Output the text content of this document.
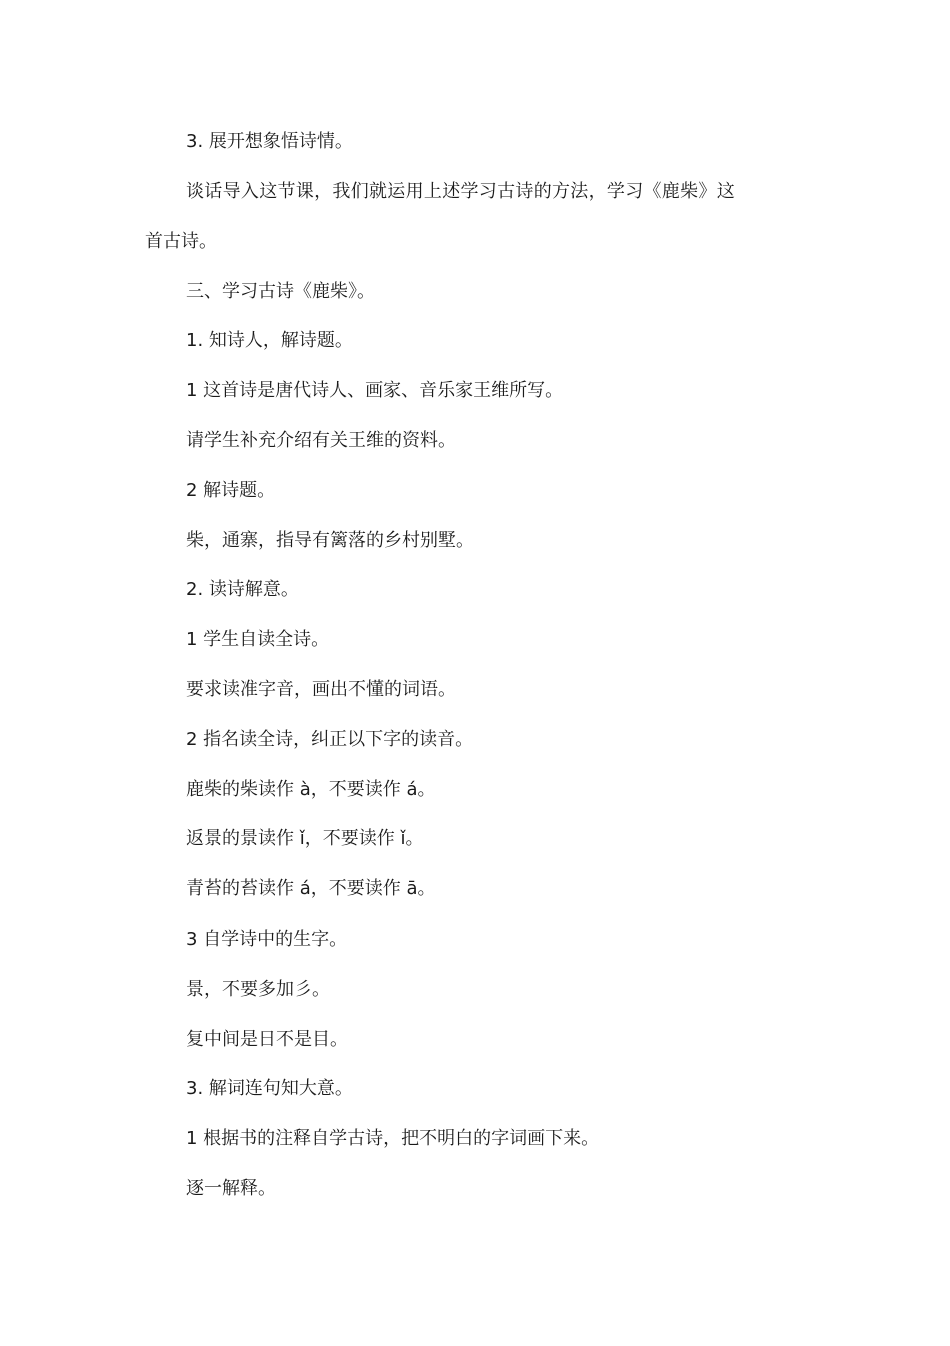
3. 展开想象悟诗情。
谈话导入这节课，我们就运用上述学习古诗的方法，学习《鹿柴》这
首古诗。
三、学习古诗《鹿柴》。
1. 知诗人，解诗题。
1 这首诗是唐代诗人、画家、音乐家王维所写。
请学生补充介绍有关王维的资料。
2 解诗题。
柴，通寨，指导有篱落的乡村别墅。
2. 读诗解意。
1 学生自读全诗。
要求读准字音，画出不懂的词语。
2 指名读全诗，纠正以下字的读音。
鹿柴的柴读作 à，不要读作 á。
返景的景读作 ǐ，不要读作 ǐ。
青苔的苔读作 á，不要读作 ā。
3 自学诗中的生字。
景，不要多加彡。
复中间是日不是目。
3. 解词连句知大意。
1 根据书的注释自学古诗，把不明白的字词画下来。
逐一解释。
